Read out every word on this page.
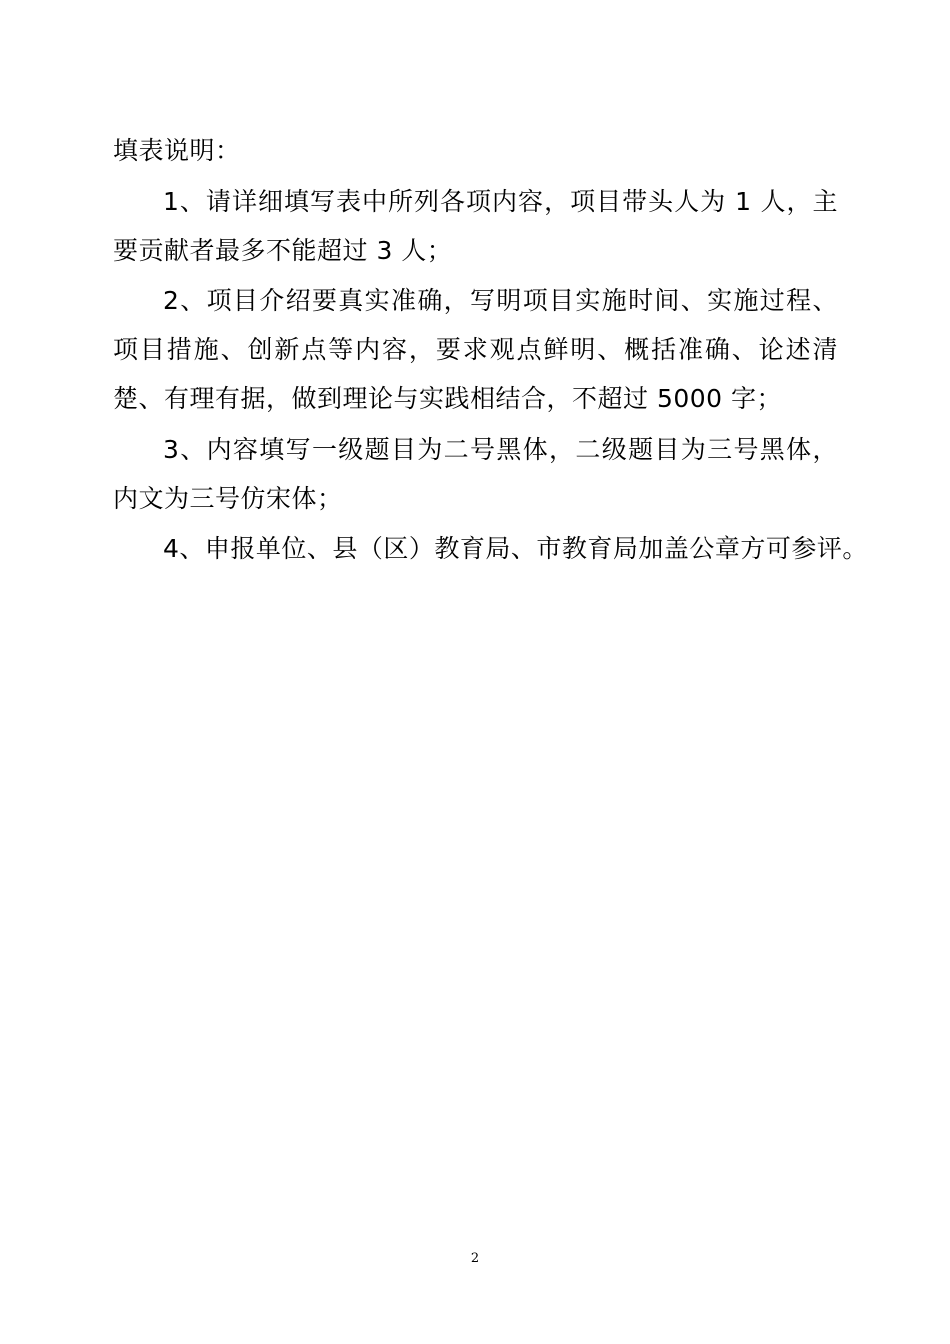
填表说明：

1、请详细填写表中所列各项内容，项目带头人为 1 人，主要贡献者最多不能超过 3 人；

2、项目介绍要真实准确，写明项目实施时间、实施过程、项目措施、创新点等内容，要求观点鲜明、概括准确、论述清楚、有理有据，做到理论与实践相结合，不超过 5000 字；

3、内容填写一级题目为二号黑体，二级题目为三号黑体，内文为三号仿宋体；

4、申报单位、县（区）教育局、市教育局加盖公章方可参评。

2
